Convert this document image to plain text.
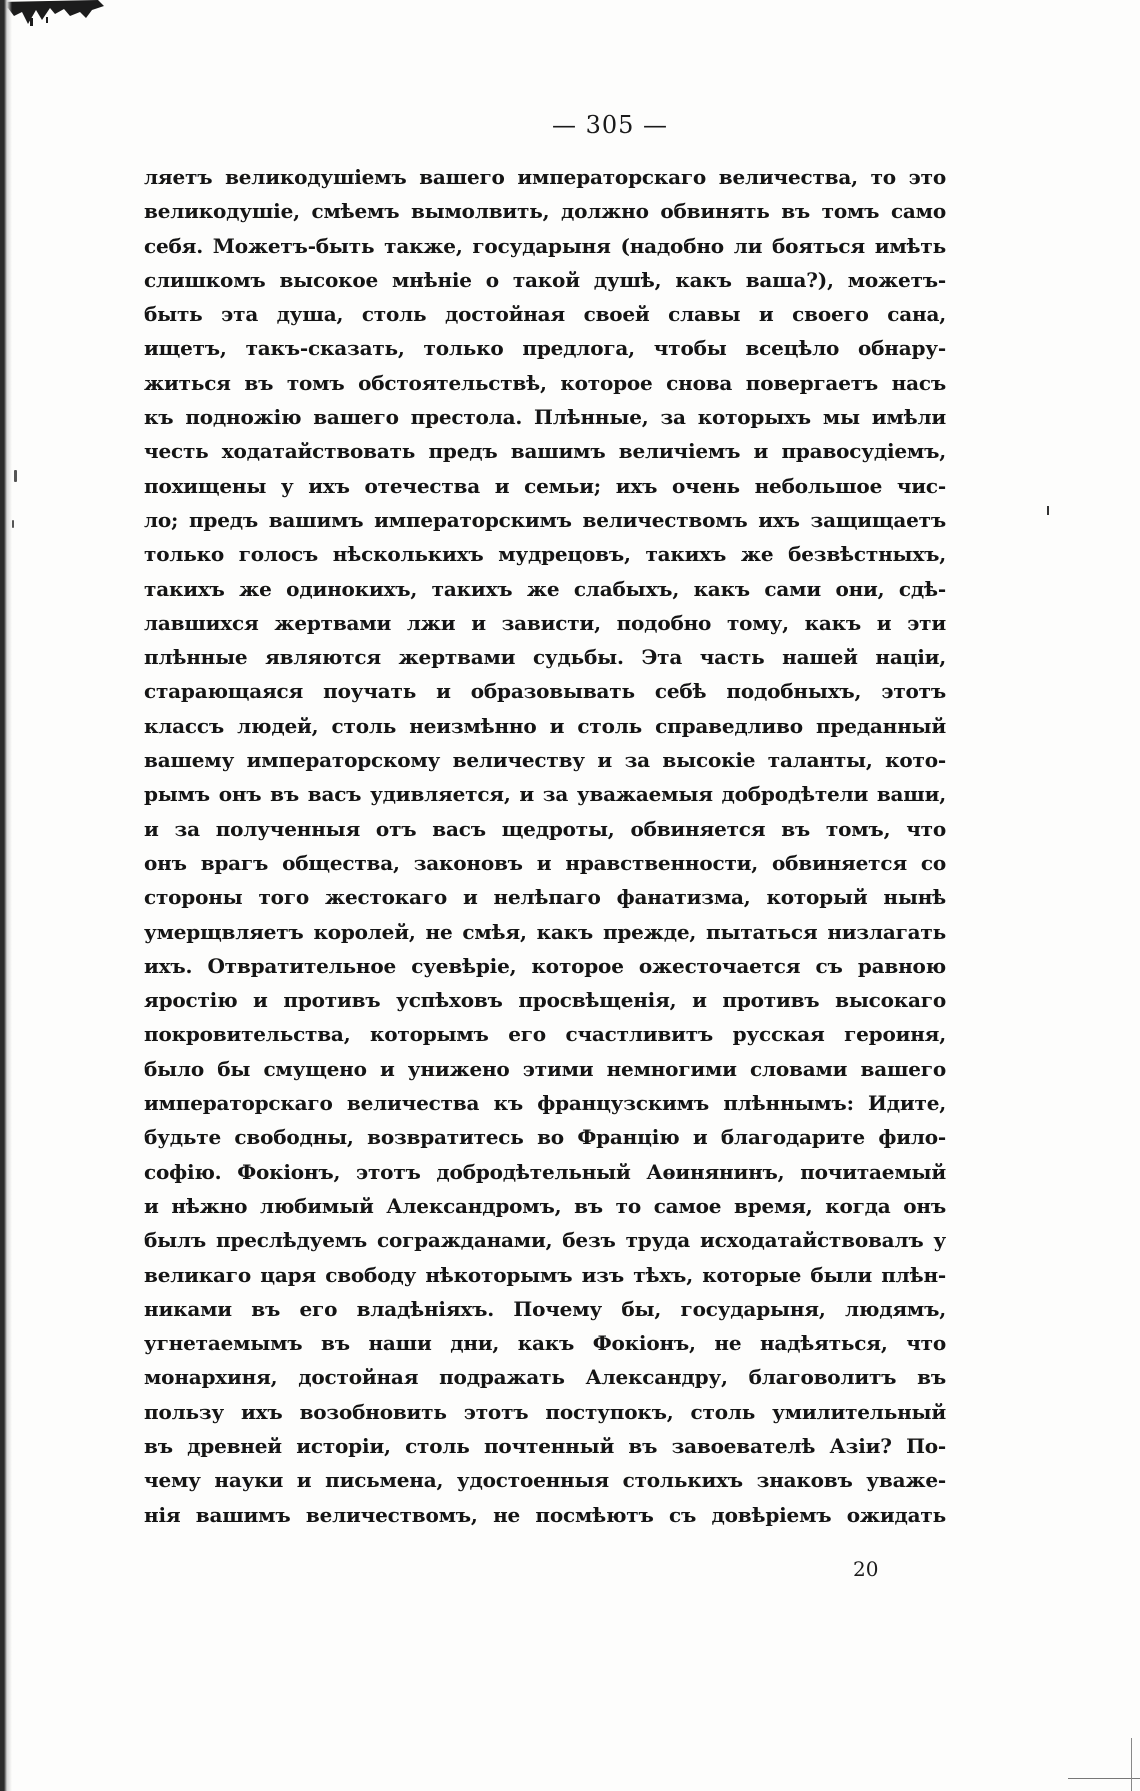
— 305 —
ляетъ великодушіемъ вашего императорскаго величества, то это
великодушіе, смѣемъ вымолвить, должно обвинять въ томъ само
себя. Можетъ-быть также, государыня (надобно ли бояться имѣть
слишкомъ высокое мнѣніе о такой душѣ, какъ ваша?), можетъ-
быть эта душа, столь достойная своей славы и своего сана,
ищетъ, такъ-сказать, только предлога, чтобы всецѣло обнару-
житься въ томъ обстоятельствѣ, которое снова повергаетъ насъ
къ подножію вашего престола. Плѣнные, за которыхъ мы имѣли
честь ходатайствовать предъ вашимъ величіемъ и правосудіемъ,
похищены у ихъ отечества и семьи; ихъ очень небольшое чис-
ло; предъ вашимъ императорскимъ величествомъ ихъ защищаетъ
только голосъ нѣсколькихъ мудрецовъ, такихъ же безвѣстныхъ,
такихъ же одинокихъ, такихъ же слабыхъ, какъ сами они, сдѣ-
лавшихся жертвами лжи и зависти, подобно тому, какъ и эти
плѣнные являются жертвами судьбы. Эта часть нашей націи,
старающаяся поучать и образовывать себѣ подобныхъ, этотъ
классъ людей, столь неизмѣнно и столь справедливо преданный
вашему императорскому величеству и за высокіе таланты, кото-
рымъ онъ въ васъ удивляется, и за уважаемыя добродѣтели ваши,
и за полученныя отъ васъ щедроты, обвиняется въ томъ, что
онъ врагъ общества, законовъ и нравственности, обвиняется со
стороны того жестокаго и нелѣпаго фанатизма, который нынѣ
умерщвляетъ королей, не смѣя, какъ прежде, пытаться низлагать
ихъ. Отвратительное суевѣріе, которое ожесточается съ равною
яростію и противъ успѣховъ просвѣщенія, и противъ высокаго
покровительства, которымъ его счастливитъ русская героиня,
было бы смущено и унижено этими немногими словами вашего
императорскаго величества къ французскимъ плѣннымъ: Идите,
будьте свободны, возвратитесь во Францію и благодарите фило-
софію. Фокіонъ, этотъ добродѣтельный Аѳинянинъ, почитаемый
и нѣжно любимый Александромъ, въ то самое время, когда онъ
былъ преслѣдуемъ согражданами, безъ труда исходатайствовалъ у
великаго царя свободу нѣкоторымъ изъ тѣхъ, которые были плѣн-
никами въ его владѣніяхъ. Почему бы, государыня, людямъ,
угнетаемымъ въ наши дни, какъ Фокіонъ, не надѣяться, что
монархиня, достойная подражать Александру, благоволитъ въ
пользу ихъ возобновить этотъ поступокъ, столь умилительный
въ древней исторіи, столь почтенный въ завоевателѣ Азіи? По-
чему науки и письмена, удостоенныя столькихъ знаковъ уваже-
нія вашимъ величествомъ, не посмѣютъ съ довѣріемъ ожидать
20
